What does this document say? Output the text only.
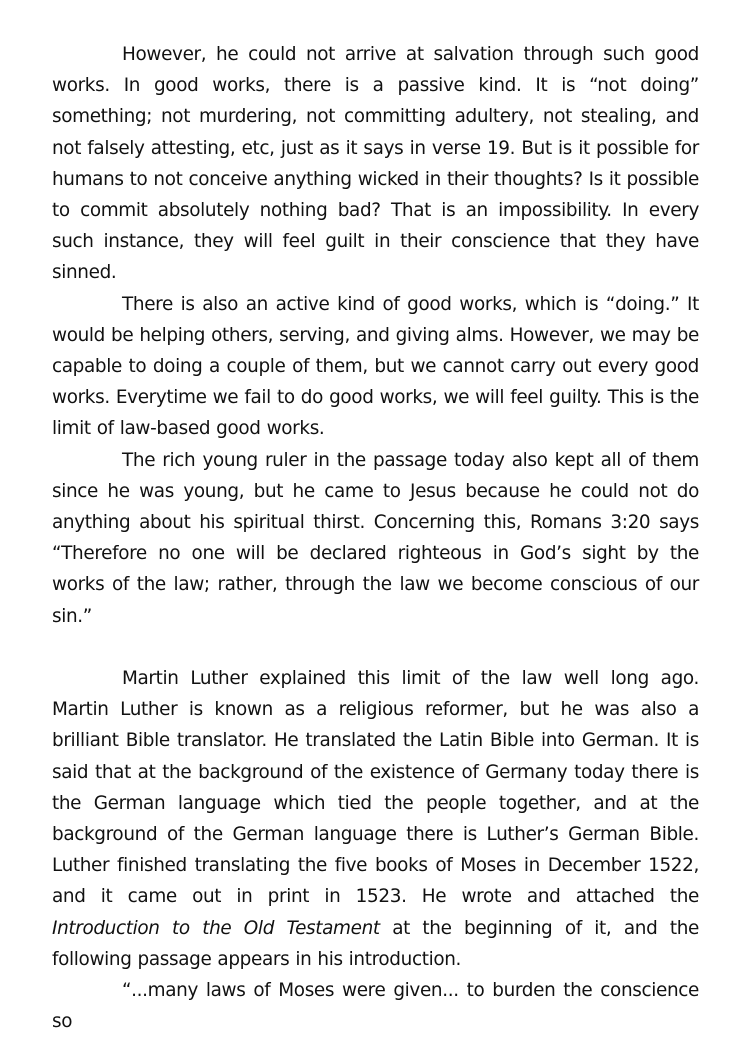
However, he could not arrive at salvation through such good works. In good works, there is a passive kind. It is “not doing” something; not murdering, not committing adultery, not stealing, and not falsely attesting, etc, just as it says in verse 19. But is it possible for humans to not conceive anything wicked in their thoughts? Is it possible to commit absolutely nothing bad? That is an impossibility. In every such instance, they will feel guilt in their conscience that they have sinned.

There is also an active kind of good works, which is “doing.” It would be helping others, serving, and giving alms. However, we may be capable to doing a couple of them, but we cannot carry out every good works. Everytime we fail to do good works, we will feel guilty. This is the limit of law-based good works.

The rich young ruler in the passage today also kept all of them since he was young, but he came to Jesus because he could not do anything about his spiritual thirst. Concerning this, Romans 3:20 says “Therefore no one will be declared righteous in God’s sight by the works of the law; rather, through the law we become conscious of our sin.”

Martin Luther explained this limit of the law well long ago. Martin Luther is known as a religious reformer, but he was also a brilliant Bible translator. He translated the Latin Bible into German. It is said that at the background of the existence of Germany today there is the German language which tied the people together, and at the background of the German language there is Luther’s German Bible. Luther finished translating the five books of Moses in December 1522, and it came out in print in 1523. He wrote and attached the Introduction to the Old Testament at the beginning of it, and the following passage appears in his introduction.

“...many laws of Moses were given... to burden the conscience so
